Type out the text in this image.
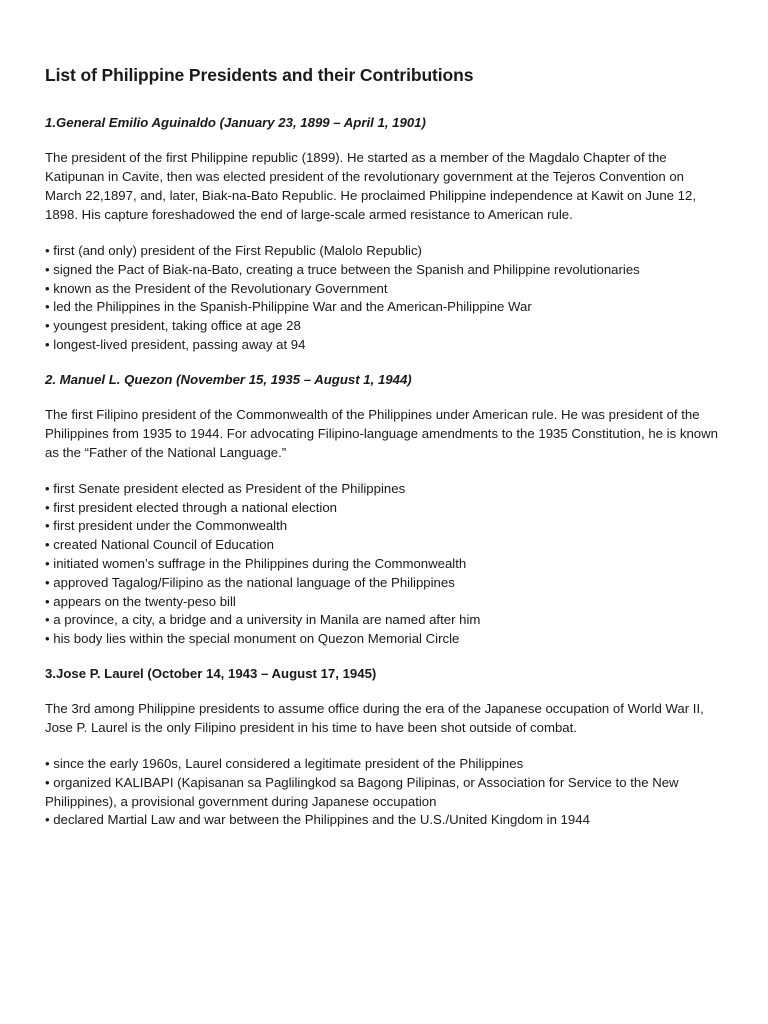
List of Philippine Presidents and their Contributions
1.General Emilio Aguinaldo (January 23, 1899 – April 1, 1901)

The president of the first Philippine republic (1899). He started as a member of the Magdalo Chapter of the Katipunan in Cavite, then was elected president of the revolutionary government at the Tejeros Convention on March 22,1897, and, later, Biak-na-Bato Republic. He proclaimed Philippine independence at Kawit on June 12, 1898. His capture foreshadowed the end of large-scale armed resistance to American rule.

• first (and only) president of the First Republic (Malolo Republic)
• signed the Pact of Biak-na-Bato, creating a truce between the Spanish and Philippine revolutionaries
• known as the President of the Revolutionary Government
• led the Philippines in the Spanish-Philippine War and the American-Philippine War
• youngest president, taking office at age 28
• longest-lived president, passing away at 94
2. Manuel L. Quezon (November 15, 1935 – August 1, 1944)

The first Filipino president of the Commonwealth of the Philippines under American rule. He was president of the Philippines from 1935 to 1944. For advocating Filipino-language amendments to the 1935 Constitution, he is known as the “Father of the National Language.”

• first Senate president elected as President of the Philippines
• first president elected through a national election
• first president under the Commonwealth
• created National Council of Education
• initiated women’s suffrage in the Philippines during the Commonwealth
• approved Tagalog/Filipino as the national language of the Philippines
• appears on the twenty-peso bill
• a province, a city, a bridge and a university in Manila are named after him
• his body lies within the special monument on Quezon Memorial Circle
3.Jose P. Laurel (October 14, 1943 – August 17, 1945)

The 3rd among Philippine presidents to assume office during the era of the Japanese occupation of World War II, Jose P. Laurel is the only Filipino president in his time to have been shot outside of combat.

• since the early 1960s, Laurel considered a legitimate president of the Philippines
• organized KALIBAPI (Kapisanan sa Paglilingkod sa Bagong Pilipinas, or Association for Service to the New Philippines), a provisional government during Japanese occupation
• declared Martial Law and war between the Philippines and the U.S./United Kingdom in 1944
